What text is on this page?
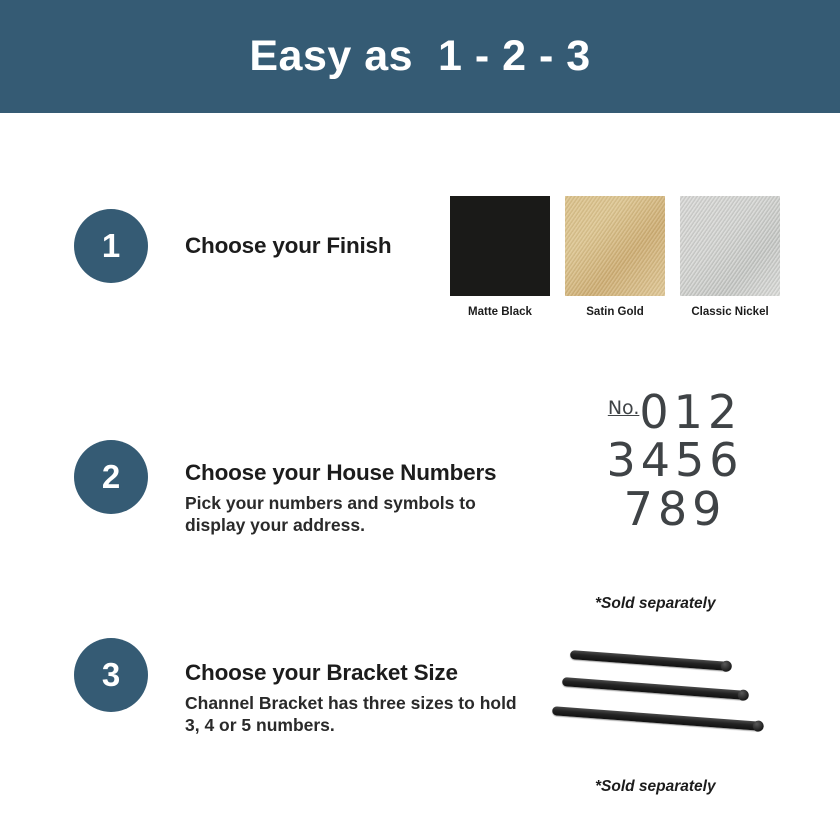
Easy as  1 - 2 - 3
1	Choose your Finish
Matte Black	Satin Gold	Classic Nickel
2	Choose your House Numbers
Pick your numbers and symbols to display your address.
$^{No.}$012
3456
789
*Sold separately
3	Choose your Bracket Size
Channel Bracket has three sizes to hold 3, 4 or 5 numbers.
*Sold separately
